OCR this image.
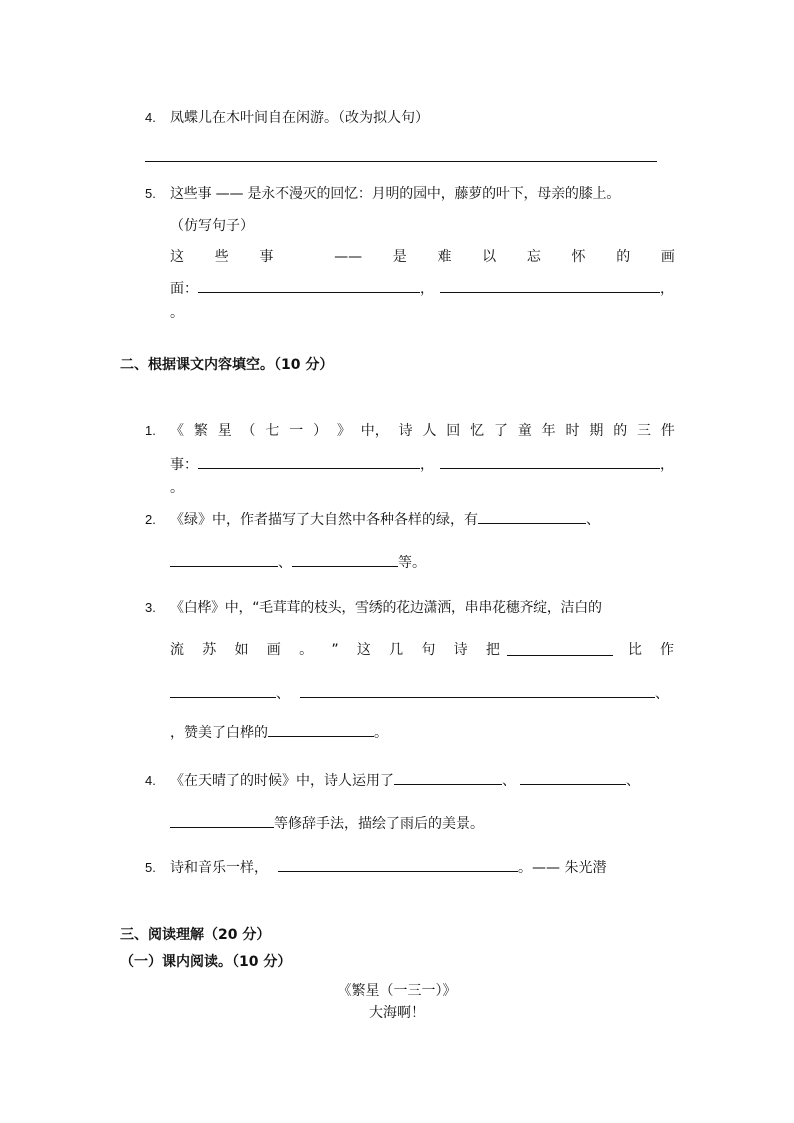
4. 凤蝶儿在木叶间自在闲游。（改为拟人句）
5. 这些事 —— 是永不漫灭的回忆：月明的园中，藤萝的叶下，母亲的膝上。
（仿写句子）
这 些 事	—— 是 难 以 忘 怀 的 画
面：	，	，
。
二、根据课文内容填空。（10 分）
1. 《 繁 星 （ 七 一 ） 》 中， 诗 人 回 忆 了 童 年 时 期 的 三 件
事：	，	，
。
2. 《绿》中，作者描写了大自然中各种各样的绿，有	、
、	等。
3. 《白桦》中，“毛茸茸的枝头，雪绣的花边潇洒，串串花穗齐绽，洁白的
流 苏 如 画 。 ” 这 几 句 诗 把	比 作
、	、
，赞美了白桦的	。
4. 《在天晴了的时候》中，诗人运用了	、	、
等修辞手法，描绘了雨后的美景。
5. 诗和音乐一样，	。—— 朱光潜
三、阅读理解（20 分）
（一）课内阅读。（10 分）
《繁星（一三一）》
大海啊！
